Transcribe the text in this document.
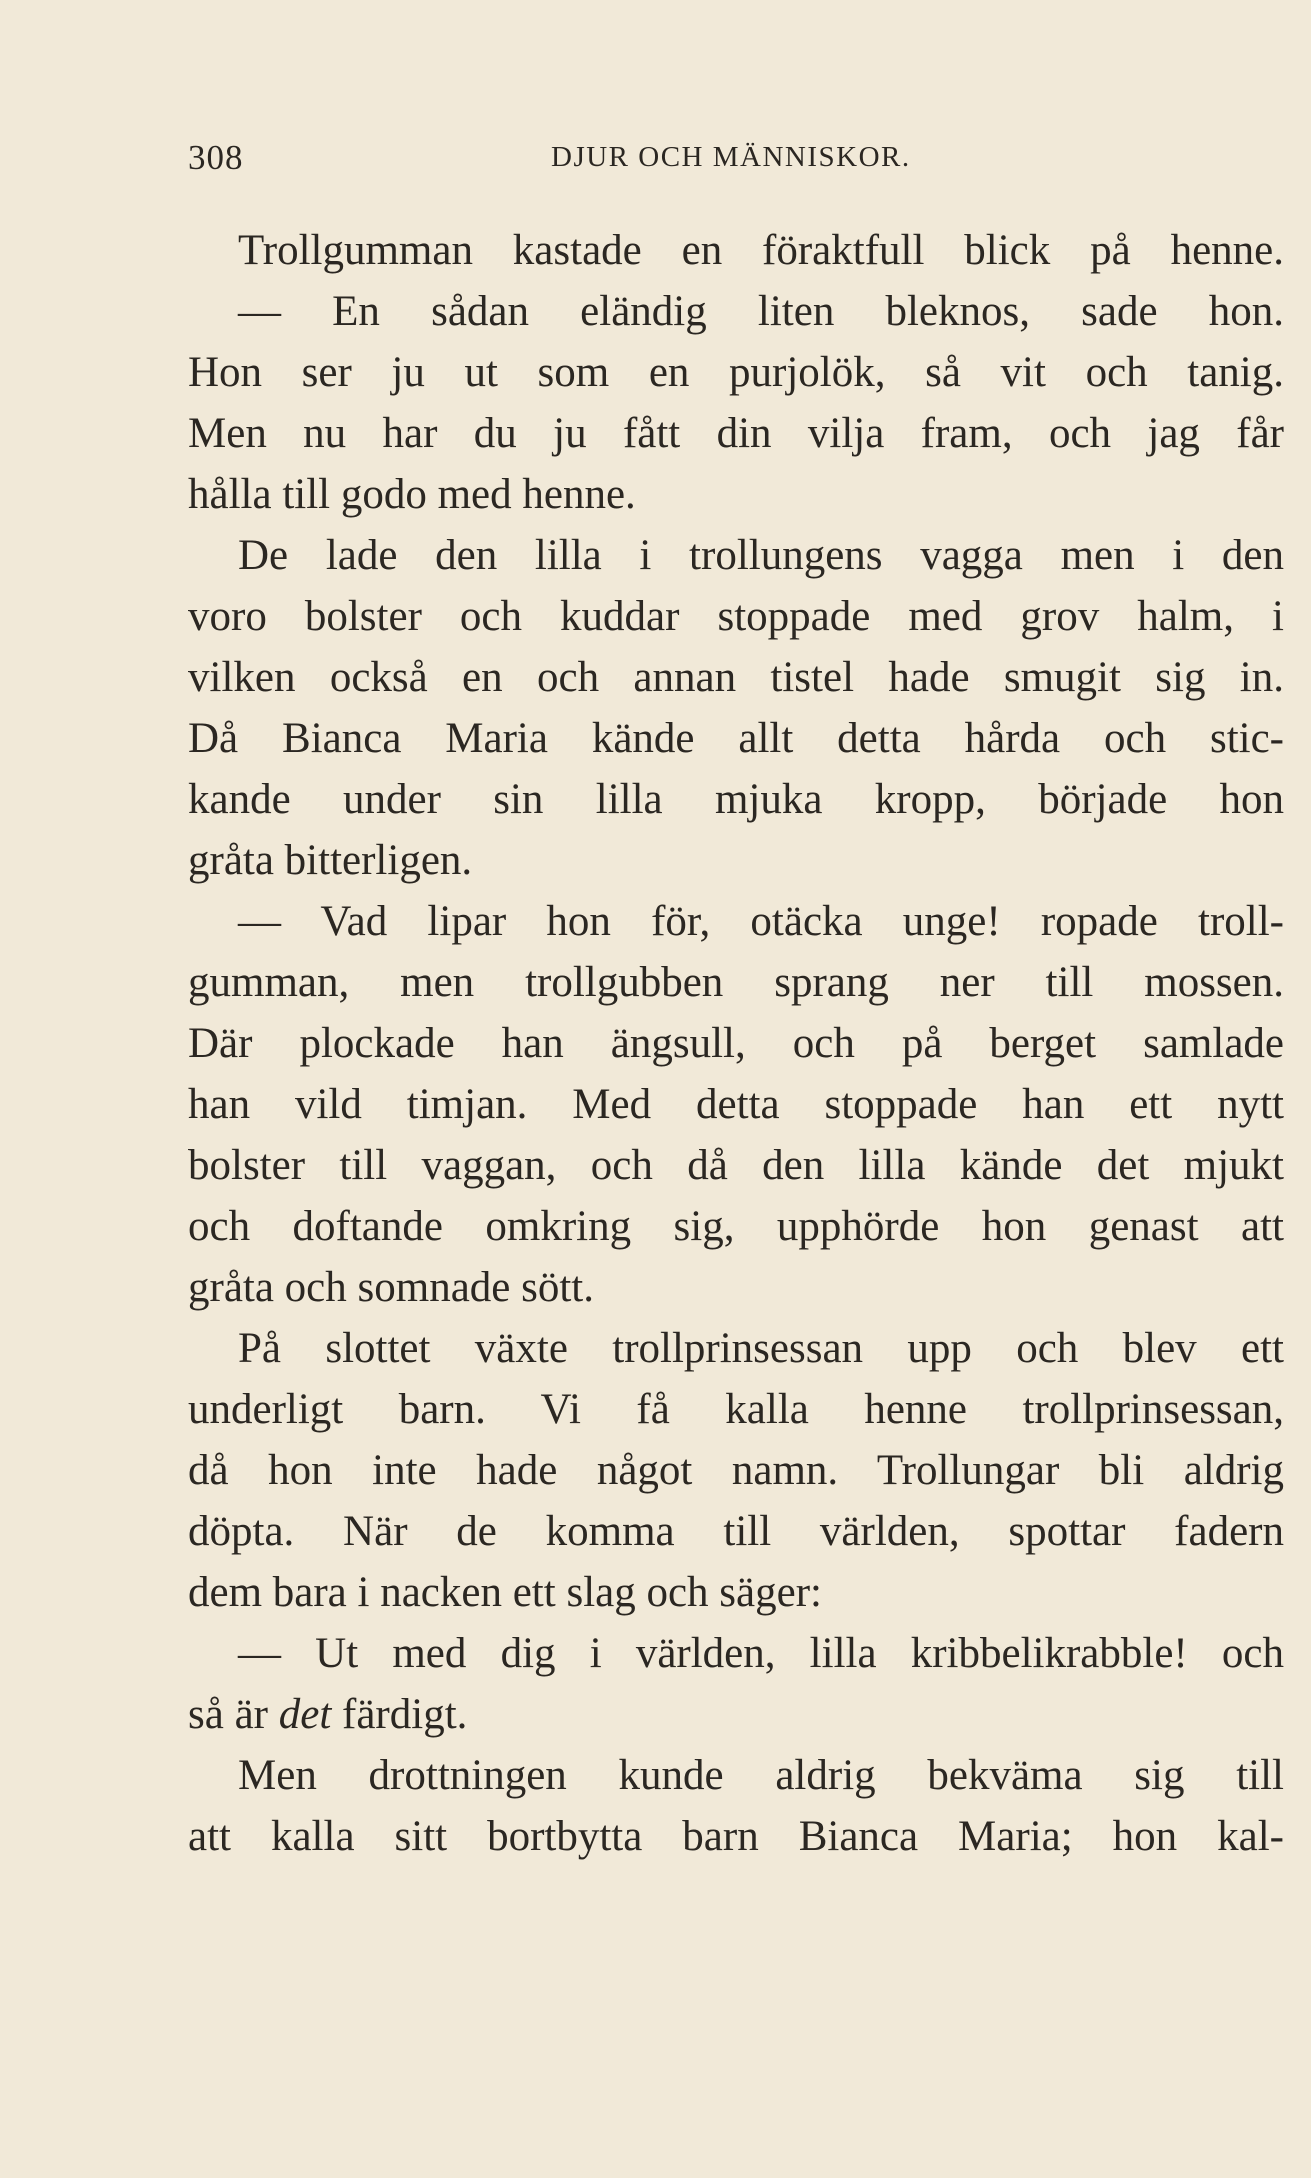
308	DJUR OCH MÄNNISKOR.
Trollgumman kastade en föraktfull blick på henne.
— En sådan eländig liten bleknos, sade hon.
Hon ser ju ut som en purjolök, så vit och tanig.
Men nu har du ju fått din vilja fram, och jag får
hålla till godo med henne.
De lade den lilla i trollungens vagga men i den
voro bolster och kuddar stoppade med grov halm, i
vilken också en och annan tistel hade smugit sig in.
Då Bianca Maria kände allt detta hårda och stic-
kande under sin lilla mjuka kropp, började hon
gråta bitterligen.
— Vad lipar hon för, otäcka unge! ropade troll-
gumman, men trollgubben sprang ner till mossen.
Där plockade han ängsull, och på berget samlade
han vild timjan. Med detta stoppade han ett nytt
bolster till vaggan, och då den lilla kände det mjukt
och doftande omkring sig, upphörde hon genast att
gråta och somnade sött.
På slottet växte trollprinsessan upp och blev ett
underligt barn. Vi få kalla henne trollprinsessan,
då hon inte hade något namn. Trollungar bli aldrig
döpta. När de komma till världen, spottar fadern
dem bara i nacken ett slag och säger:
— Ut med dig i världen, lilla kribbelikrabble! och
så är det färdigt.
Men drottningen kunde aldrig bekväma sig till
att kalla sitt bortbytta barn Bianca Maria; hon kal-
